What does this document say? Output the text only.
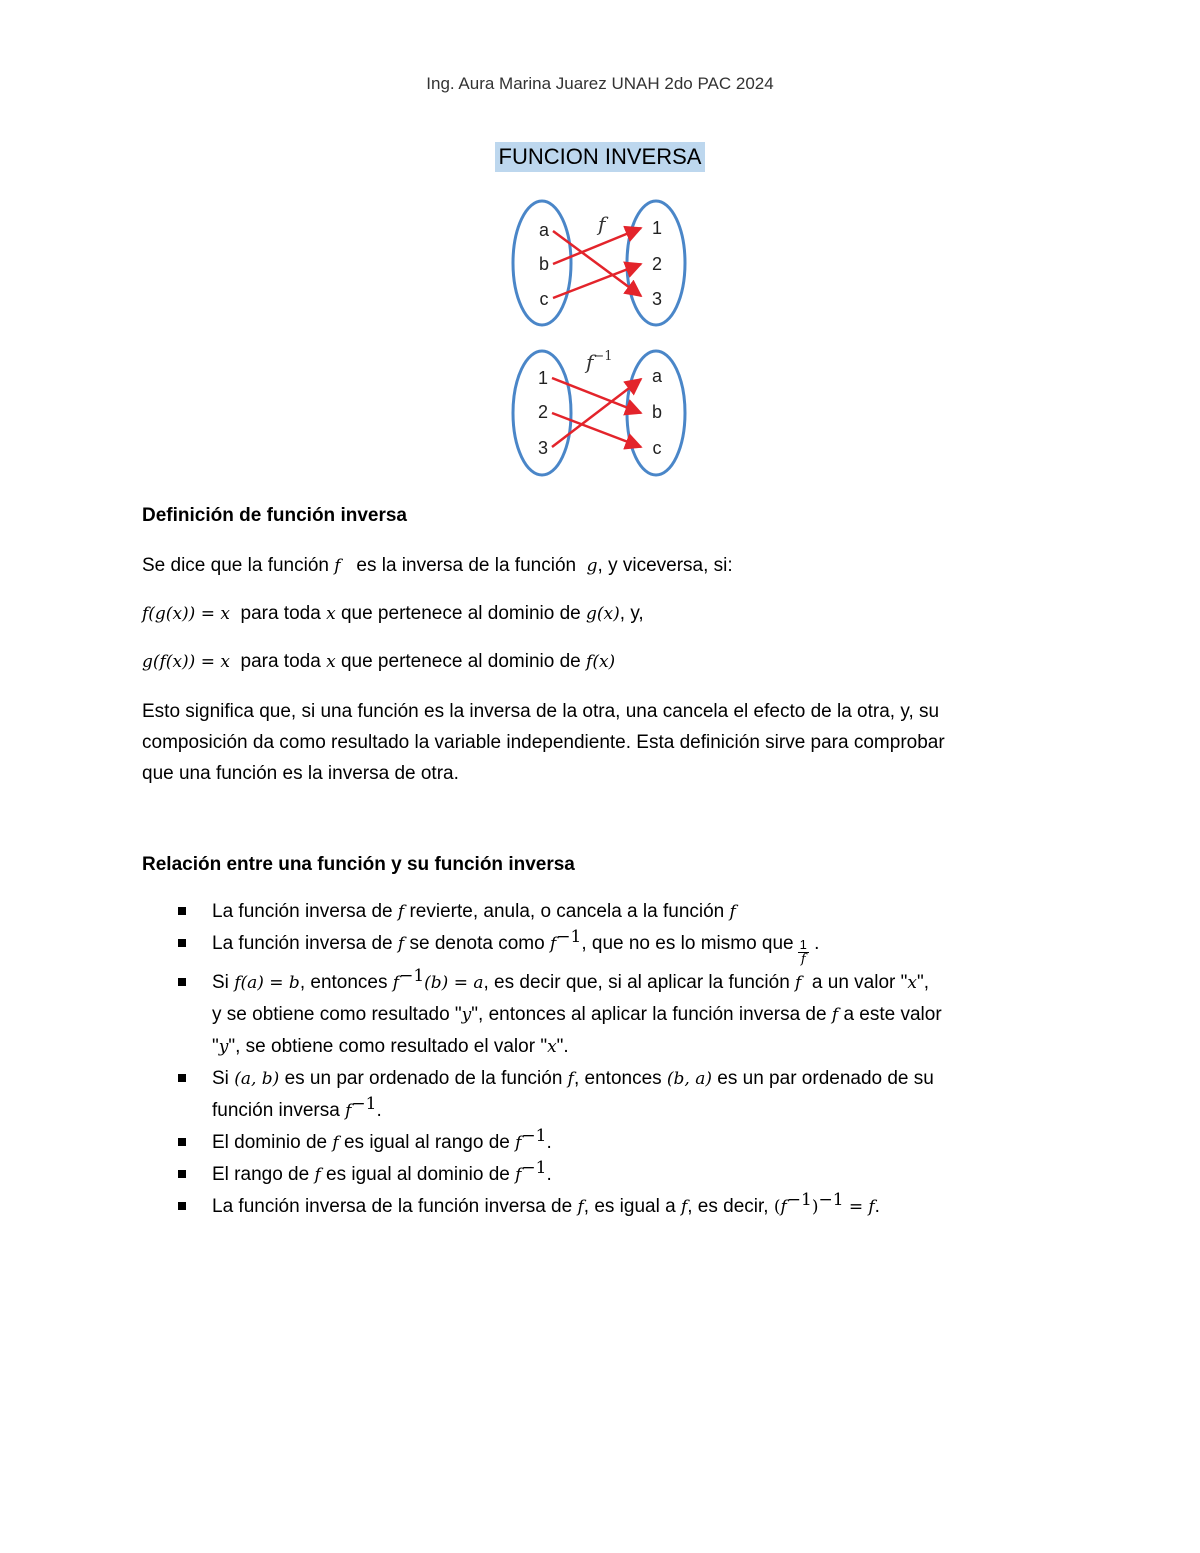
Ing. Aura Marina Juarez UNAH 2do PAC 2024
FUNCION INVERSA
f
a
b
c
1
2
3
$f^{-1}$
1
2
3
a
b
c
Definición de función inversa
Se dice que la función f es la inversa de la función g, y viceversa, si:
f(g(x)) = x para toda x que pertenece al dominio de g(x), y,
g(f(x)) = x para toda x que pertenece al dominio de f(x)
Esto significa que, si una función es la inversa de la otra, una cancela el efecto de la otra, y, su
composición da como resultado la variable independiente. Esta definición sirve para comprobar
que una función es la inversa de otra.
Relación entre una función y su función inversa
La función inversa de f revierte, anula, o cancela a la función f
La función inversa de f se denota como $f^{-1}$, que no es lo mismo que $\frac{1}{f}$ .
Si f(a) = b, entonces $f^{-1}(b) = a$, es decir que, si al aplicar la función f a un valor "x",
y se obtiene como resultado "y", entonces al aplicar la función inversa de f a este valor
"y", se obtiene como resultado el valor "x".
Si (a, b) es un par ordenado de la función f, entonces (b, a) es un par ordenado de su
función inversa $f^{-1}$.
El dominio de f es igual al rango de $f^{-1}$.
El rango de f es igual al dominio de $f^{-1}$.
La función inversa de la función inversa de f, es igual a f, es decir, $(f^{-1})^{-1} = f$.
